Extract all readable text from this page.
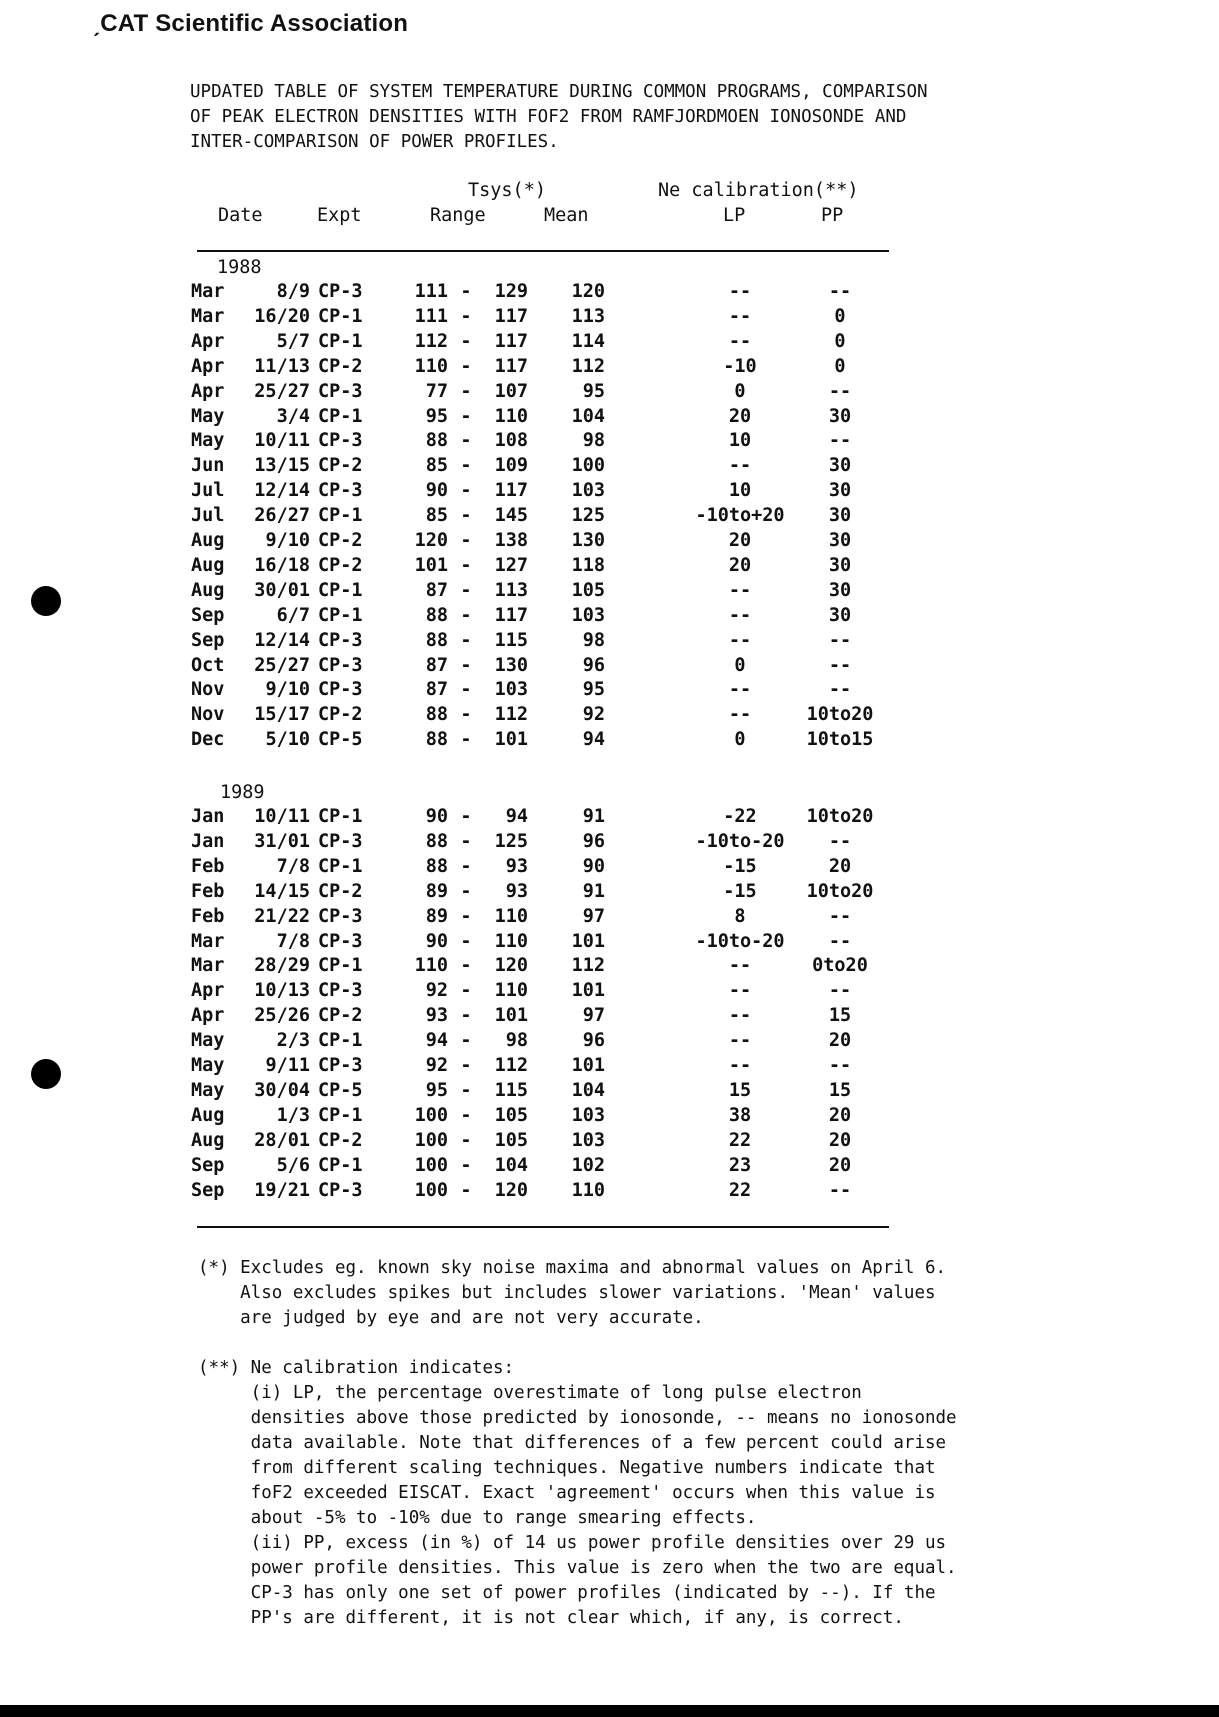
ˏCAT Scientific Association
UPDATED TABLE OF SYSTEM TEMPERATURE DURING COMMON PROGRAMS, COMPARISON
OF PEAK ELECTRON DENSITIES WITH FOF2 FROM RAMFJORDMOEN IONOSONDE AND
INTER-COMPARISON OF POWER PROFILES.
Tsys(*)	Ne calibration(**)
Date	Expt	Range	Mean	LP	PP
1988
Mar	8/9 CP-3	111 -	129	120	--	--
Mar	16/20 CP-1	111 -	117	113	--	0
Apr	5/7 CP-1	112 -	117	114	--	0
Apr	11/13 CP-2	110 -	117	112	-10	0
Apr	25/27 CP-3	77 -	107	95	0	--
May	3/4 CP-1	95 -	110	104	20	30
May	10/11 CP-3	88 -	108	98	10	--
Jun	13/15 CP-2	85 -	109	100	--	30
Jul	12/14 CP-3	90 -	117	103	10	30
Jul	26/27 CP-1	85 -	145	125	-10to+20	30
Aug	9/10 CP-2	120 -	138	130	20	30
Aug	16/18 CP-2	101 -	127	118	20	30
Aug	30/01 CP-1	87 -	113	105	--	30
Sep	6/7 CP-1	88 -	117	103	--	30
Sep	12/14 CP-3	88 -	115	98	--	--
Oct	25/27 CP-3	87 -	130	96	0	--
Nov	9/10 CP-3	87 -	103	95	--	--
Nov	15/17 CP-2	88 -	112	92	--	10to20
Dec	5/10 CP-5	88 -	101	94	0	10to15
1989
Jan	10/11 CP-1	90 -	94	91	-22	10to20
Jan	31/01 CP-3	88 -	125	96	-10to-20	--
Feb	7/8 CP-1	88 -	93	90	-15	20
Feb	14/15 CP-2	89 -	93	91	-15	10to20
Feb	21/22 CP-3	89 -	110	97	8	--
Mar	7/8 CP-3	90 -	110	101	-10to-20	--
Mar	28/29 CP-1	110 -	120	112	--	0to20
Apr	10/13 CP-3	92 -	110	101	--	--
Apr	25/26 CP-2	93 -	101	97	--	15
May	2/3 CP-1	94 -	98	96	--	20
May	9/11 CP-3	92 -	112	101	--	--
May	30/04 CP-5	95 -	115	104	15	15
Aug	1/3 CP-1	100 -	105	103	38	20
Aug	28/01 CP-2	100 -	105	103	22	20
Sep	5/6 CP-1	100 -	104	102	23	20
Sep	19/21 CP-3	100 -	120	110	22	--
(*) Excludes eg. known sky noise maxima and abnormal values on April 6.
Also excludes spikes but includes slower variations. 'Mean' values
are judged by eye and are not very accurate.
(**) Ne calibration indicates:
(i) LP, the percentage overestimate of long pulse electron
densities above those predicted by ionosonde, -- means no ionosonde
data available. Note that differences of a few percent could arise
from different scaling techniques. Negative numbers indicate that
foF2 exceeded EISCAT. Exact 'agreement' occurs when this value is
about -5% to -10% due to range smearing effects.
(ii) PP, excess (in %) of 14 us power profile densities over 29 us
power profile densities. This value is zero when the two are equal.
CP-3 has only one set of power profiles (indicated by --). If the
PP's are different, it is not clear which, if any, is correct.
